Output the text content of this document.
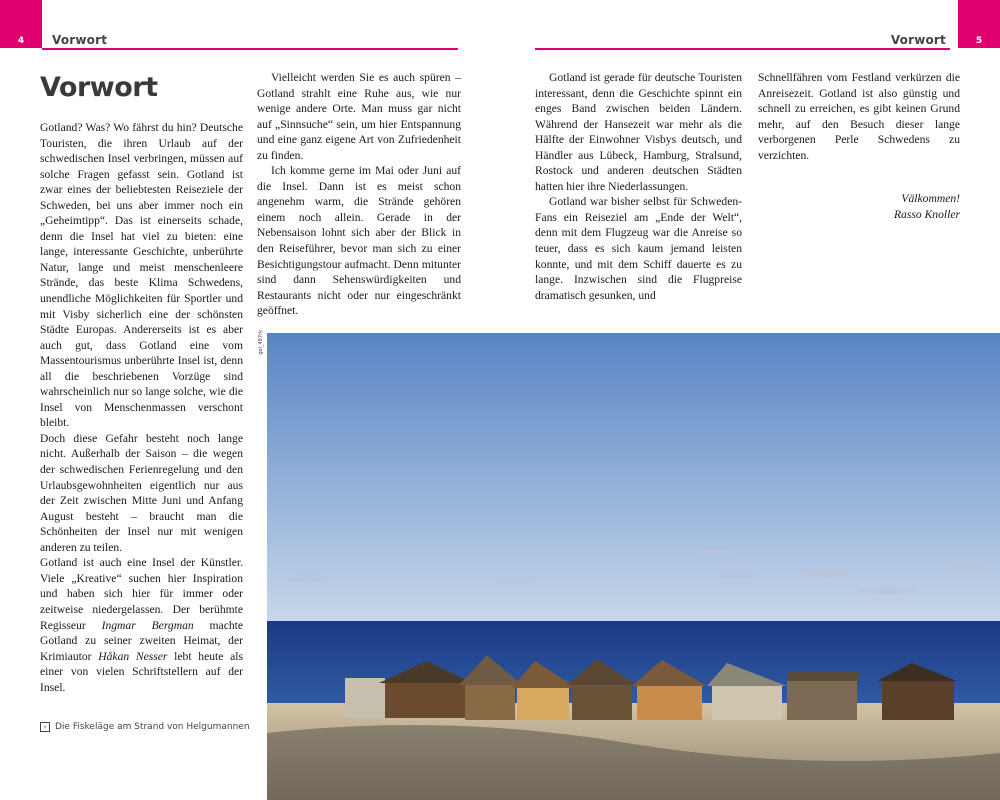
4 Vorwort	5
Vorwort
Vorwort

Gotland? Was? Wo fährst du hin? Deutsche Touristen, die ihren Urlaub auf der schwedischen Insel verbringen, müssen auf solche Fragen gefasst sein. Gotland ist zwar eines der beliebtesten Reiseziele der Schweden, bei uns aber immer noch ein „Geheimtipp“. Das ist einerseits schade, denn die Insel hat viel zu bieten: eine lange, interessante Geschichte, unberührte Natur, lange und meist menschenleere Strände, das beste Klima Schwedens, unendliche Möglichkeiten für Sportler und mit Visby sicherlich eine der schönsten Städte Europas. Andererseits ist es aber auch gut, dass Gotland eine vom Massentourismus unberührte Insel ist, denn all die beschriebenen Vorzüge sind wahrscheinlich nur so lange solche, wie die Insel von Menschenmassen verschont bleibt.

Doch diese Gefahr besteht noch lange nicht. Außerhalb der Saison – die wegen der schwedischen Ferienregelung und den Urlaubsgewohnheiten eigentlich nur aus der Zeit zwischen Mitte Juni und Anfang August besteht – braucht man die Schönheiten der Insel nur mit wenigen anderen zu teilen.

Gotland ist auch eine Insel der Künstler. Viele „Kreative“ suchen hier Inspiration und haben sich hier für immer oder zeitweise niedergelassen. Der berühmte Regisseur Ingmar Bergman machte Gotland zu seiner zweiten Heimat, der Krimiautor Håkan Nesser lebt heute als einer von vielen Schriftstellern auf der Insel.

Vielleicht werden Sie es auch spüren – Gotland strahlt eine Ruhe aus, wie nur wenige andere Orte. Man muss gar nicht auf „Sinnsuche“ sein, um hier Entspannung und eine ganz eigene Art von Zufriedenheit zu finden.

Ich komme gerne im Mai oder Juni auf die Insel. Dann ist es meist schon angenehm warm, die Strände gehören einem noch allein. Gerade in der Nebensaison lohnt sich aber der Blick in den Reiseführer, bevor man sich zu einer Besichtigungstour aufmacht. Denn mitunter sind dann Sehenswürdigkeiten und Restaurants nicht oder nur eingeschränkt geöffnet.

Gotland ist gerade für deutsche Touristen interessant, denn die Geschichte spinnt ein enges Band zwischen beiden Ländern. Während der Hansezeit war mehr als die Hälfte der Einwohner Visbys deutsch, und Händler aus Lübeck, Hamburg, Stralsund, Rostock und anderen deutschen Städten hatten hier ihre Niederlassungen.

Gotland war bisher selbst für Schweden-Fans ein Reiseziel am „Ende der Welt“, denn mit dem Flugzeug war die Anreise so teuer, dass es sich kaum jemand leisten konnte, und mit dem Schiff dauerte es zu lange. Inzwischen sind die Flugpreise dramatisch gesunken, und

Schnellfähren vom Festland verkürzen die Anreisezeit. Gotland ist also günstig und schnell zu erreichen, es gibt keinen Grund mehr, auf den Besuch dieser lange verborgenen Perle Schwedens zu verzichten.

Välkommen!
Rasso Knoller

› Die Fiskeläge am Strand von Helgumannen
gol_487rk
